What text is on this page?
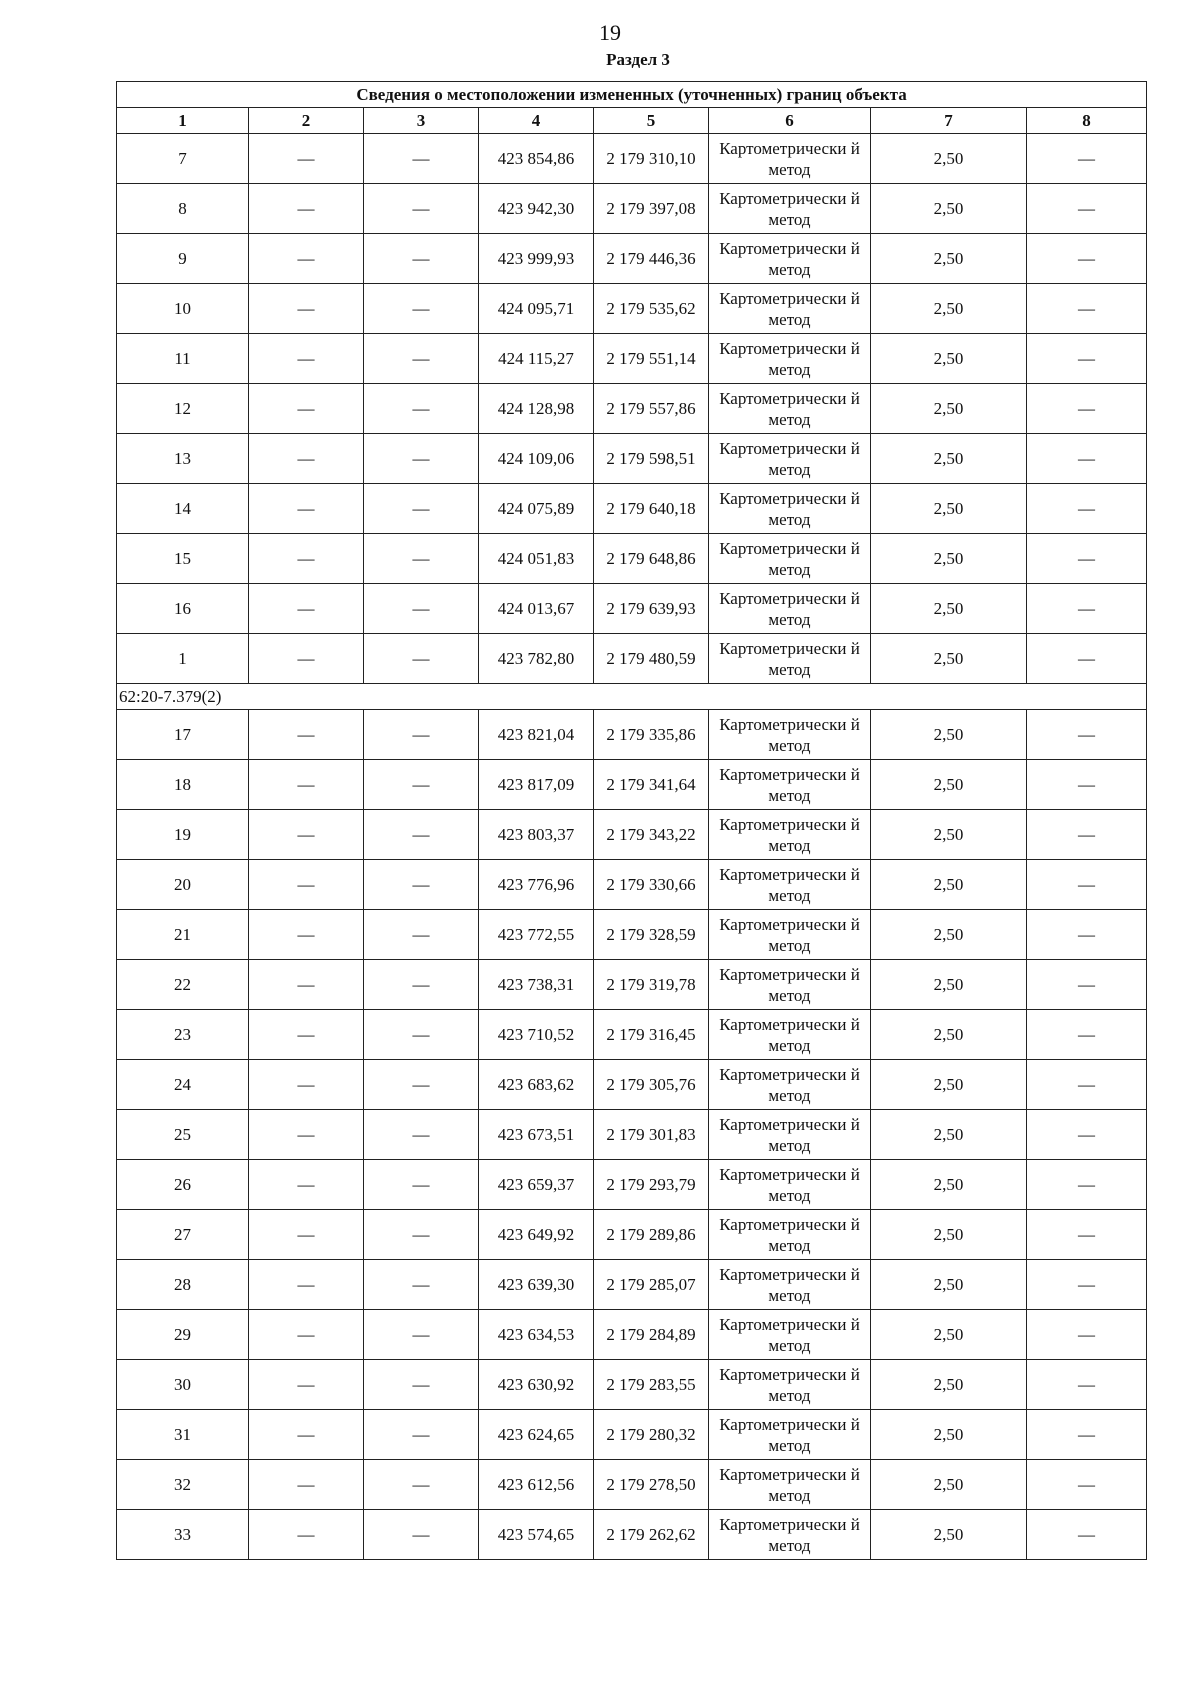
19
Раздел 3
Сведения о местоположении измененных (уточненных) границ объекта							
1	2	3	4	5	6	7	8
7	—	—	423 854,86	2 179 310,10	Картометрически й метод	2,50	—
8	—	—	423 942,30	2 179 397,08	Картометрически й метод	2,50	—
9	—	—	423 999,93	2 179 446,36	Картометрически й метод	2,50	—
10	—	—	424 095,71	2 179 535,62	Картометрически й метод	2,50	—
11	—	—	424 115,27	2 179 551,14	Картометрически й метод	2,50	—
12	—	—	424 128,98	2 179 557,86	Картометрически й метод	2,50	—
13	—	—	424 109,06	2 179 598,51	Картометрически й метод	2,50	—
14	—	—	424 075,89	2 179 640,18	Картометрически й метод	2,50	—
15	—	—	424 051,83	2 179 648,86	Картометрически й метод	2,50	—
16	—	—	424 013,67	2 179 639,93	Картометрически й метод	2,50	—
1	—	—	423 782,80	2 179 480,59	Картометрически й метод	2,50	—
62:20-7.379(2)							
17	—	—	423 821,04	2 179 335,86	Картометрически й метод	2,50	—
18	—	—	423 817,09	2 179 341,64	Картометрически й метод	2,50	—
19	—	—	423 803,37	2 179 343,22	Картометрически й метод	2,50	—
20	—	—	423 776,96	2 179 330,66	Картометрически й метод	2,50	—
21	—	—	423 772,55	2 179 328,59	Картометрически й метод	2,50	—
22	—	—	423 738,31	2 179 319,78	Картометрически й метод	2,50	—
23	—	—	423 710,52	2 179 316,45	Картометрически й метод	2,50	—
24	—	—	423 683,62	2 179 305,76	Картометрически й метод	2,50	—
25	—	—	423 673,51	2 179 301,83	Картометрически й метод	2,50	—
26	—	—	423 659,37	2 179 293,79	Картометрически й метод	2,50	—
27	—	—	423 649,92	2 179 289,86	Картометрически й метод	2,50	—
28	—	—	423 639,30	2 179 285,07	Картометрически й метод	2,50	—
29	—	—	423 634,53	2 179 284,89	Картометрически й метод	2,50	—
30	—	—	423 630,92	2 179 283,55	Картометрически й метод	2,50	—
31	—	—	423 624,65	2 179 280,32	Картометрически й метод	2,50	—
32	—	—	423 612,56	2 179 278,50	Картометрически й метод	2,50	—
33	—	—	423 574,65	2 179 262,62	Картометрически й метод	2,50	—
